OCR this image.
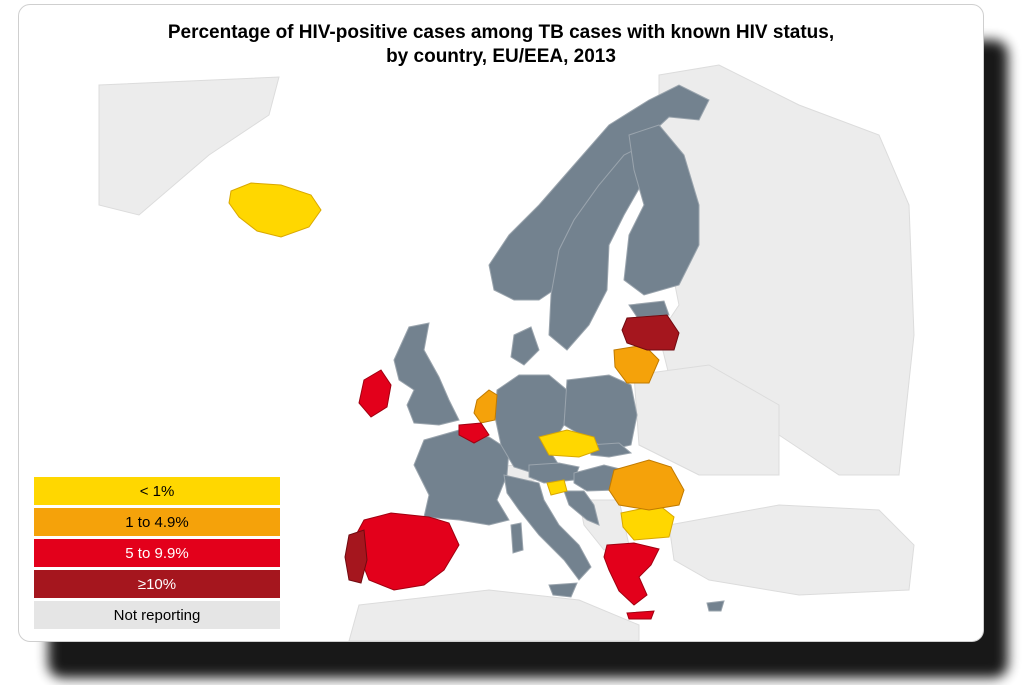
Percentage of HIV-positive cases among TB cases with known HIV status,
by country, EU/EEA, 2013
< 1%
1 to 4.9%
5 to 9.9%
≥10%
Not reporting
